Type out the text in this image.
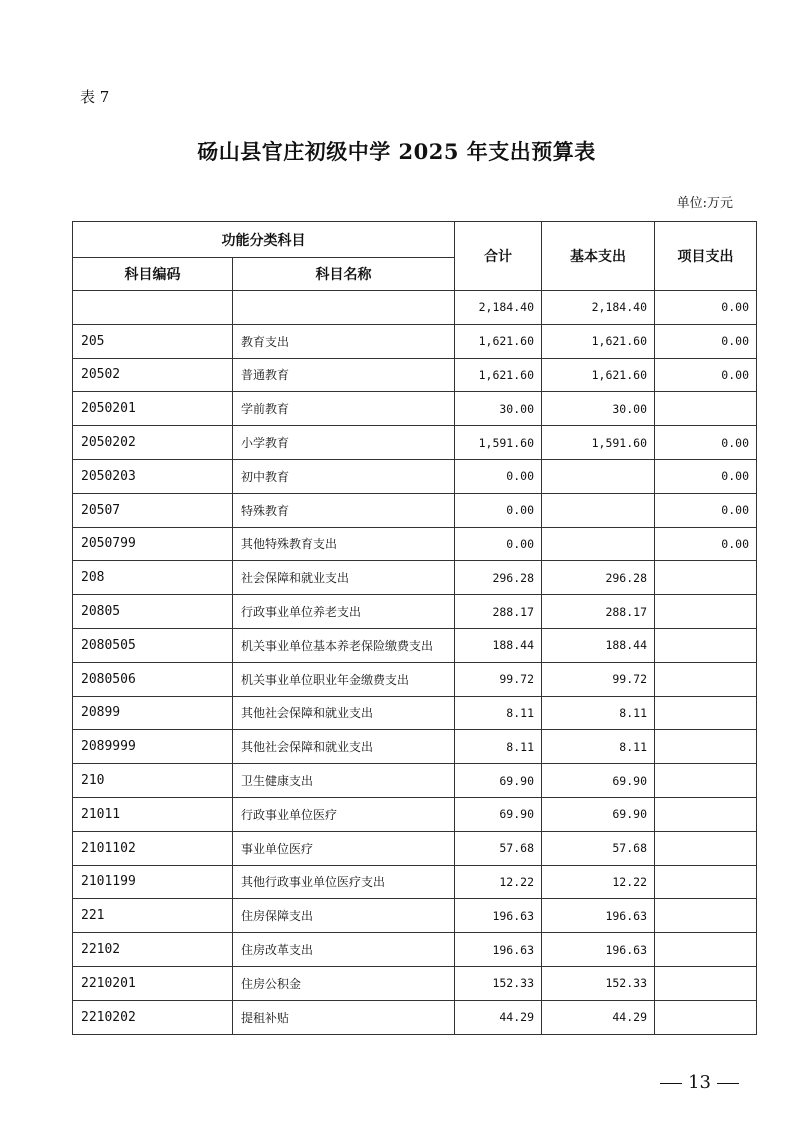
表 7
砀山县官庄初级中学 2025 年支出预算表
单位:万元
功能分类科目		合计	基本支出	项目支出
科目编码	科目名称			
		2,184.40	2,184.40	0.00
205	教育支出	1,621.60	1,621.60	0.00
20502	普通教育	1,621.60	1,621.60	0.00
2050201	学前教育	30.00	30.00	
2050202	小学教育	1,591.60	1,591.60	0.00
2050203	初中教育	0.00		0.00
20507	特殊教育	0.00		0.00
2050799	其他特殊教育支出	0.00		0.00
208	社会保障和就业支出	296.28	296.28	
20805	行政事业单位养老支出	288.17	288.17	
2080505	机关事业单位基本养老保险缴费支出	188.44	188.44	
2080506	机关事业单位职业年金缴费支出	99.72	99.72	
20899	其他社会保障和就业支出	8.11	8.11	
2089999	其他社会保障和就业支出	8.11	8.11	
210	卫生健康支出	69.90	69.90	
21011	行政事业单位医疗	69.90	69.90	
2101102	事业单位医疗	57.68	57.68	
2101199	其他行政事业单位医疗支出	12.22	12.22	
221	住房保障支出	196.63	196.63	
22102	住房改革支出	196.63	196.63	
2210201	住房公积金	152.33	152.33	
2210202	提租补贴	44.29	44.29	
13
